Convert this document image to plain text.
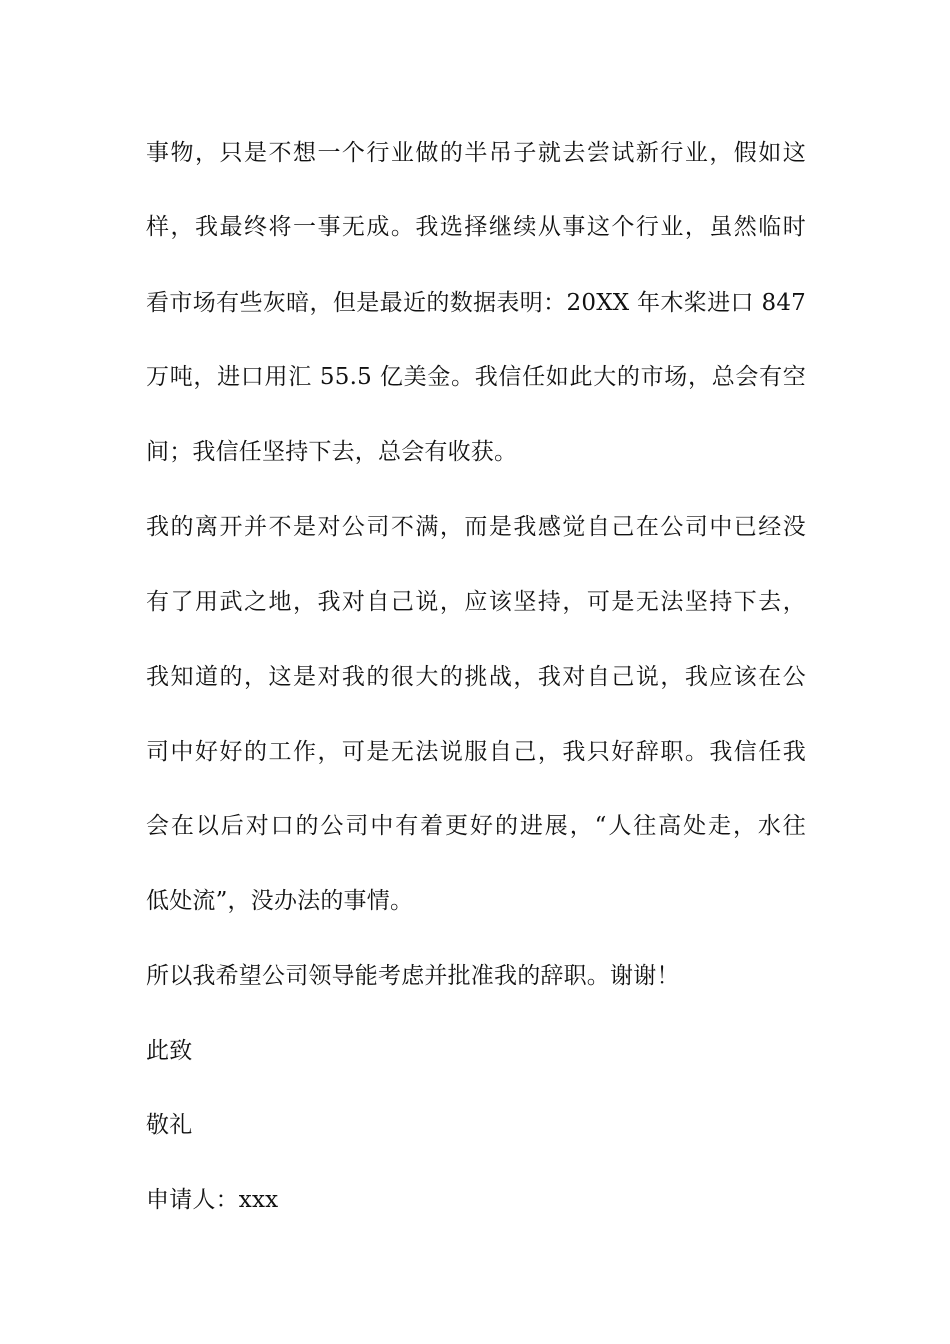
事物，只是不想一个行业做的半吊子就去尝试新行业，假如这
样，我最终将一事无成。我选择继续从事这个行业，虽然临时
看市场有些灰暗，但是最近的数据表明：20XX 年木桨进口 847
万吨，进口用汇 55.5 亿美金。我信任如此大的市场，总会有空
间；我信任坚持下去，总会有收获。
我的离开并不是对公司不满，而是我感觉自己在公司中已经没
有了用武之地，我对自己说，应该坚持，可是无法坚持下去，
我知道的，这是对我的很大的挑战，我对自己说，我应该在公
司中好好的工作，可是无法说服自己，我只好辞职。我信任我
会在以后对口的公司中有着更好的进展，“人往高处走，水往
低处流”，没办法的事情。
所以我希望公司领导能考虑并批准我的辞职。谢谢！
此致
敬礼
申请人：xxx
